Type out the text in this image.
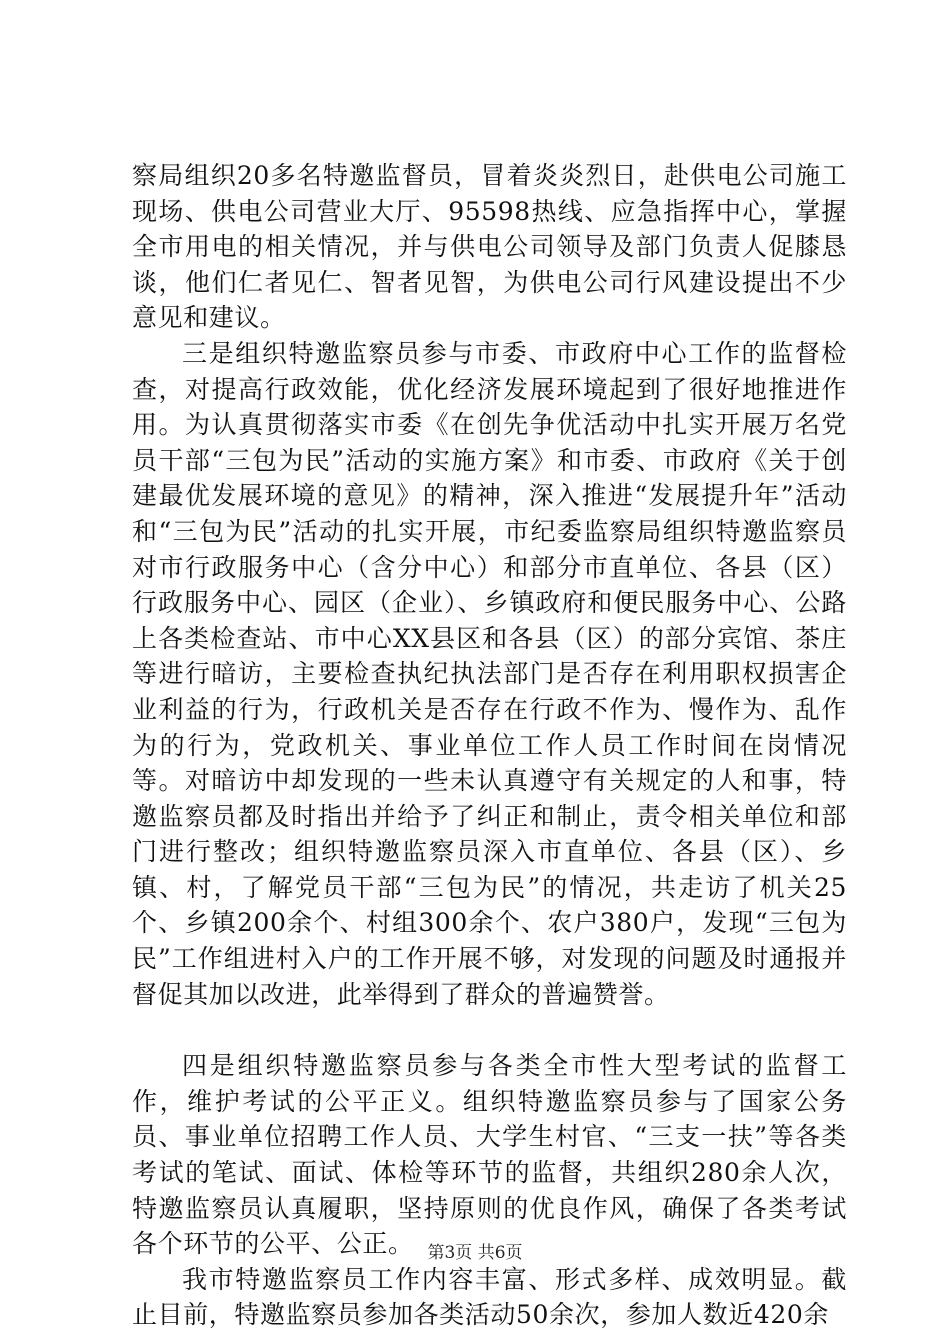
察局组织20多名特邀监督员，冒着炎炎烈日，赴供电公司施工现场、供电公司营业大厅、95598热线、应急指挥中心，掌握全市用电的相关情况，并与供电公司领导及部门负责人促膝恳谈，他们仁者见仁、智者见智，为供电公司行风建设提出不少意见和建议。

三是组织特邀监察员参与市委、市政府中心工作的监督检查，对提高行政效能，优化经济发展环境起到了很好地推进作用。为认真贯彻落实市委《在创先争优活动中扎实开展万名党员干部“三包为民”活动的实施方案》和市委、市政府《关于创建最优发展环境的意见》的精神，深入推进“发展提升年”活动和“三包为民”活动的扎实开展，市纪委监察局组织特邀监察员对市行政服务中心（含分中心）和部分市直单位、各县（区）行政服务中心、园区（企业）、乡镇政府和便民服务中心、公路上各类检查站、市中心XX县区和各县（区）的部分宾馆、茶庄等进行暗访，主要检查执纪执法部门是否存在利用职权损害企业利益的行为，行政机关是否存在行政不作为、慢作为、乱作为的行为，党政机关、事业单位工作人员工作时间在岗情况等。对暗访中却发现的一些未认真遵守有关规定的人和事，特邀监察员都及时指出并给予了纠正和制止，责令相关单位和部门进行整改；组织特邀监察员深入市直单位、各县（区）、乡镇、村，了解党员干部“三包为民”的情况，共走访了机关25个、乡镇200余个、村组300余个、农户380户，发现“三包为民”工作组进村入户的工作开展不够，对发现的问题及时通报并督促其加以改进，此举得到了群众的普遍赞誉。

四是组织特邀监察员参与各类全市性大型考试的监督工作，维护考试的公平正义。组织特邀监察员参与了国家公务员、事业单位招聘工作人员、大学生村官、“三支一扶”等各类考试的笔试、面试、体检等环节的监督，共组织280余人次，特邀监察员认真履职，坚持原则的优良作风，确保了各类考试各个环节的公平、公正。

我市特邀监察员工作内容丰富、形式多样、成效明显。截止目前，特邀监察员参加各类活动50余次，参加人数近420余

第3页 共6页
